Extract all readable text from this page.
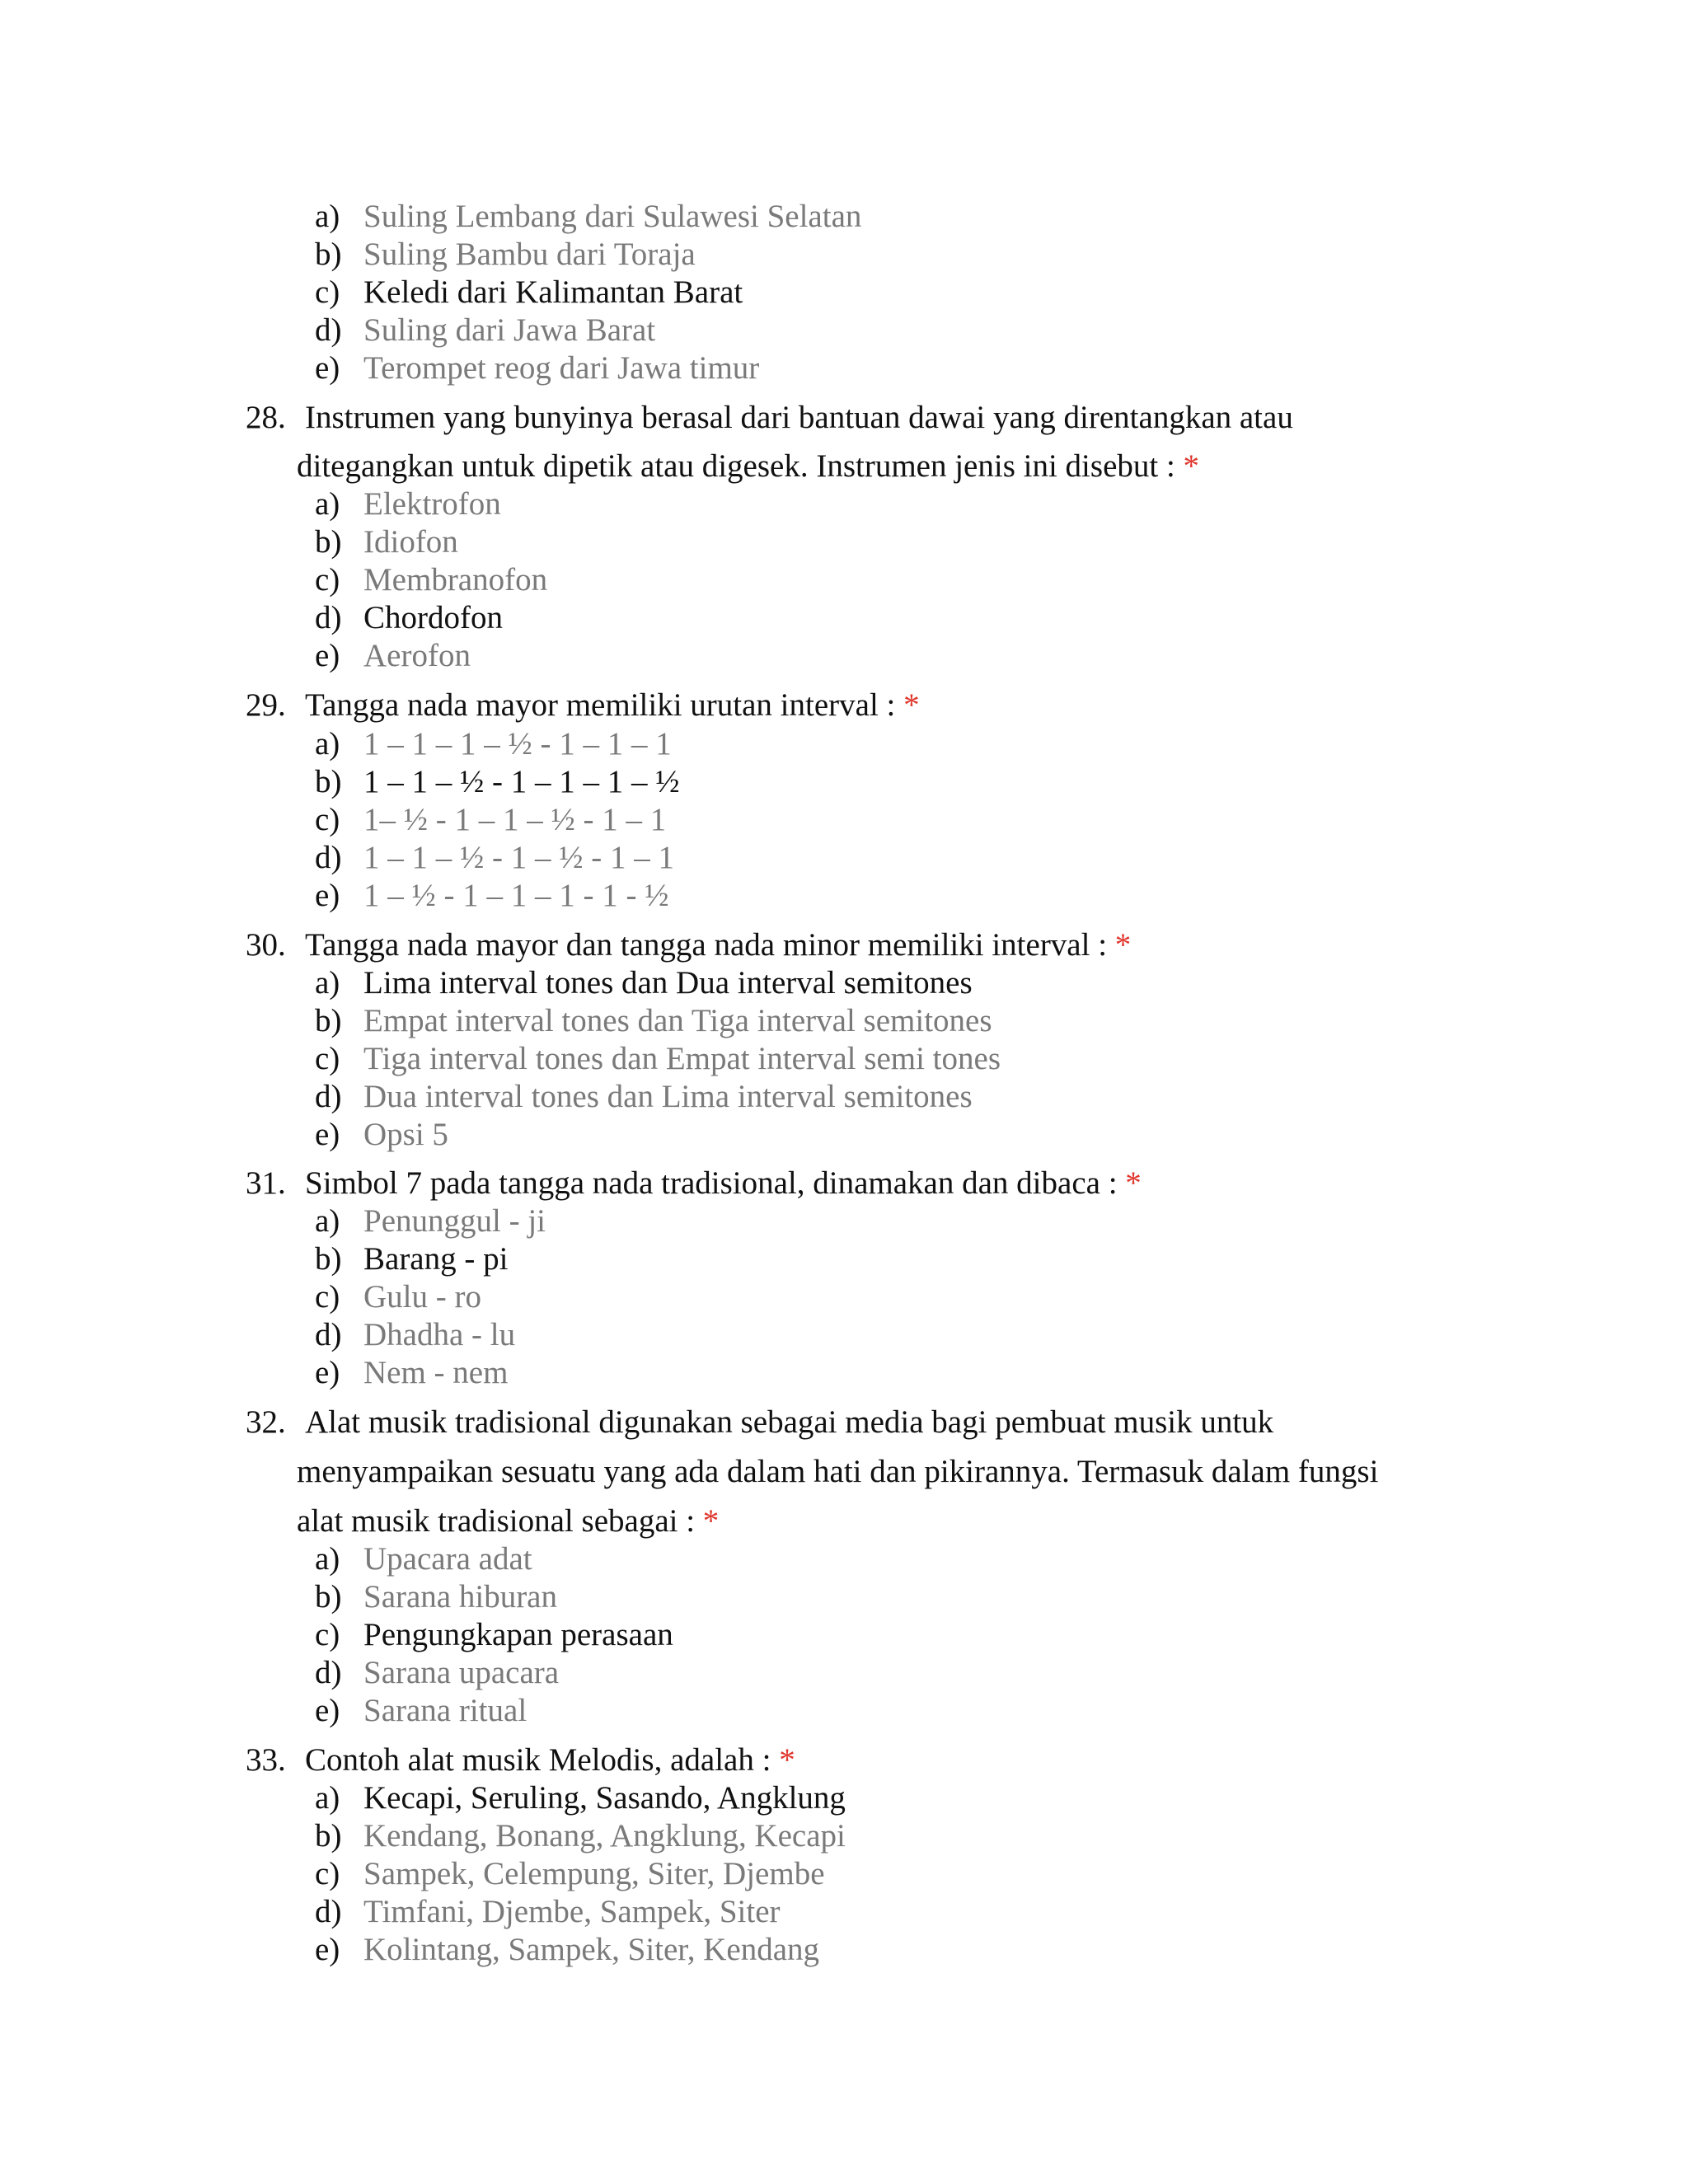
a) Suling Lembang dari Sulawesi Selatan
b) Suling Bambu dari Toraja
c) Keledi dari Kalimantan Barat
d) Suling dari Jawa Barat
e) Terompet reog dari Jawa timur
28. Instrumen yang bunyinya berasal dari bantuan dawai yang direntangkan atau
ditegangkan untuk dipetik atau digesek. Instrumen jenis ini disebut : *
a) Elektrofon
b) Idiofon
c) Membranofon
d) Chordofon
e) Aerofon
29. Tangga nada mayor memiliki urutan interval : *
a) 1 – 1 – 1 – ½ - 1 – 1 – 1
b) 1 – 1 – ½ - 1 – 1 – 1 – ½
c) 1– ½ - 1 – 1 – ½ - 1 – 1
d) 1 – 1 – ½ - 1 – ½ - 1 – 1
e) 1 – ½ - 1 – 1 – 1 - 1 - ½
30. Tangga nada mayor dan tangga nada minor memiliki interval : *
a) Lima interval tones dan Dua interval semitones
b) Empat interval tones dan Tiga interval semitones
c) Tiga interval tones dan Empat interval semi tones
d) Dua interval tones dan Lima interval semitones
e) Opsi 5
31. Simbol 7 pada tangga nada tradisional, dinamakan dan dibaca : *
a) Penunggul - ji
b) Barang - pi
c) Gulu - ro
d) Dhadha - lu
e) Nem - nem
32. Alat musik tradisional digunakan sebagai media bagi pembuat musik untuk
menyampaikan sesuatu yang ada dalam hati dan pikirannya. Termasuk dalam fungsi
alat musik tradisional sebagai : *
a) Upacara adat
b) Sarana hiburan
c) Pengungkapan perasaan
d) Sarana upacara
e) Sarana ritual
33. Contoh alat musik Melodis, adalah : *
a) Kecapi, Seruling, Sasando, Angklung
b) Kendang, Bonang, Angklung, Kecapi
c) Sampek, Celempung, Siter, Djembe
d) Timfani, Djembe, Sampek, Siter
e) Kolintang, Sampek, Siter, Kendang
